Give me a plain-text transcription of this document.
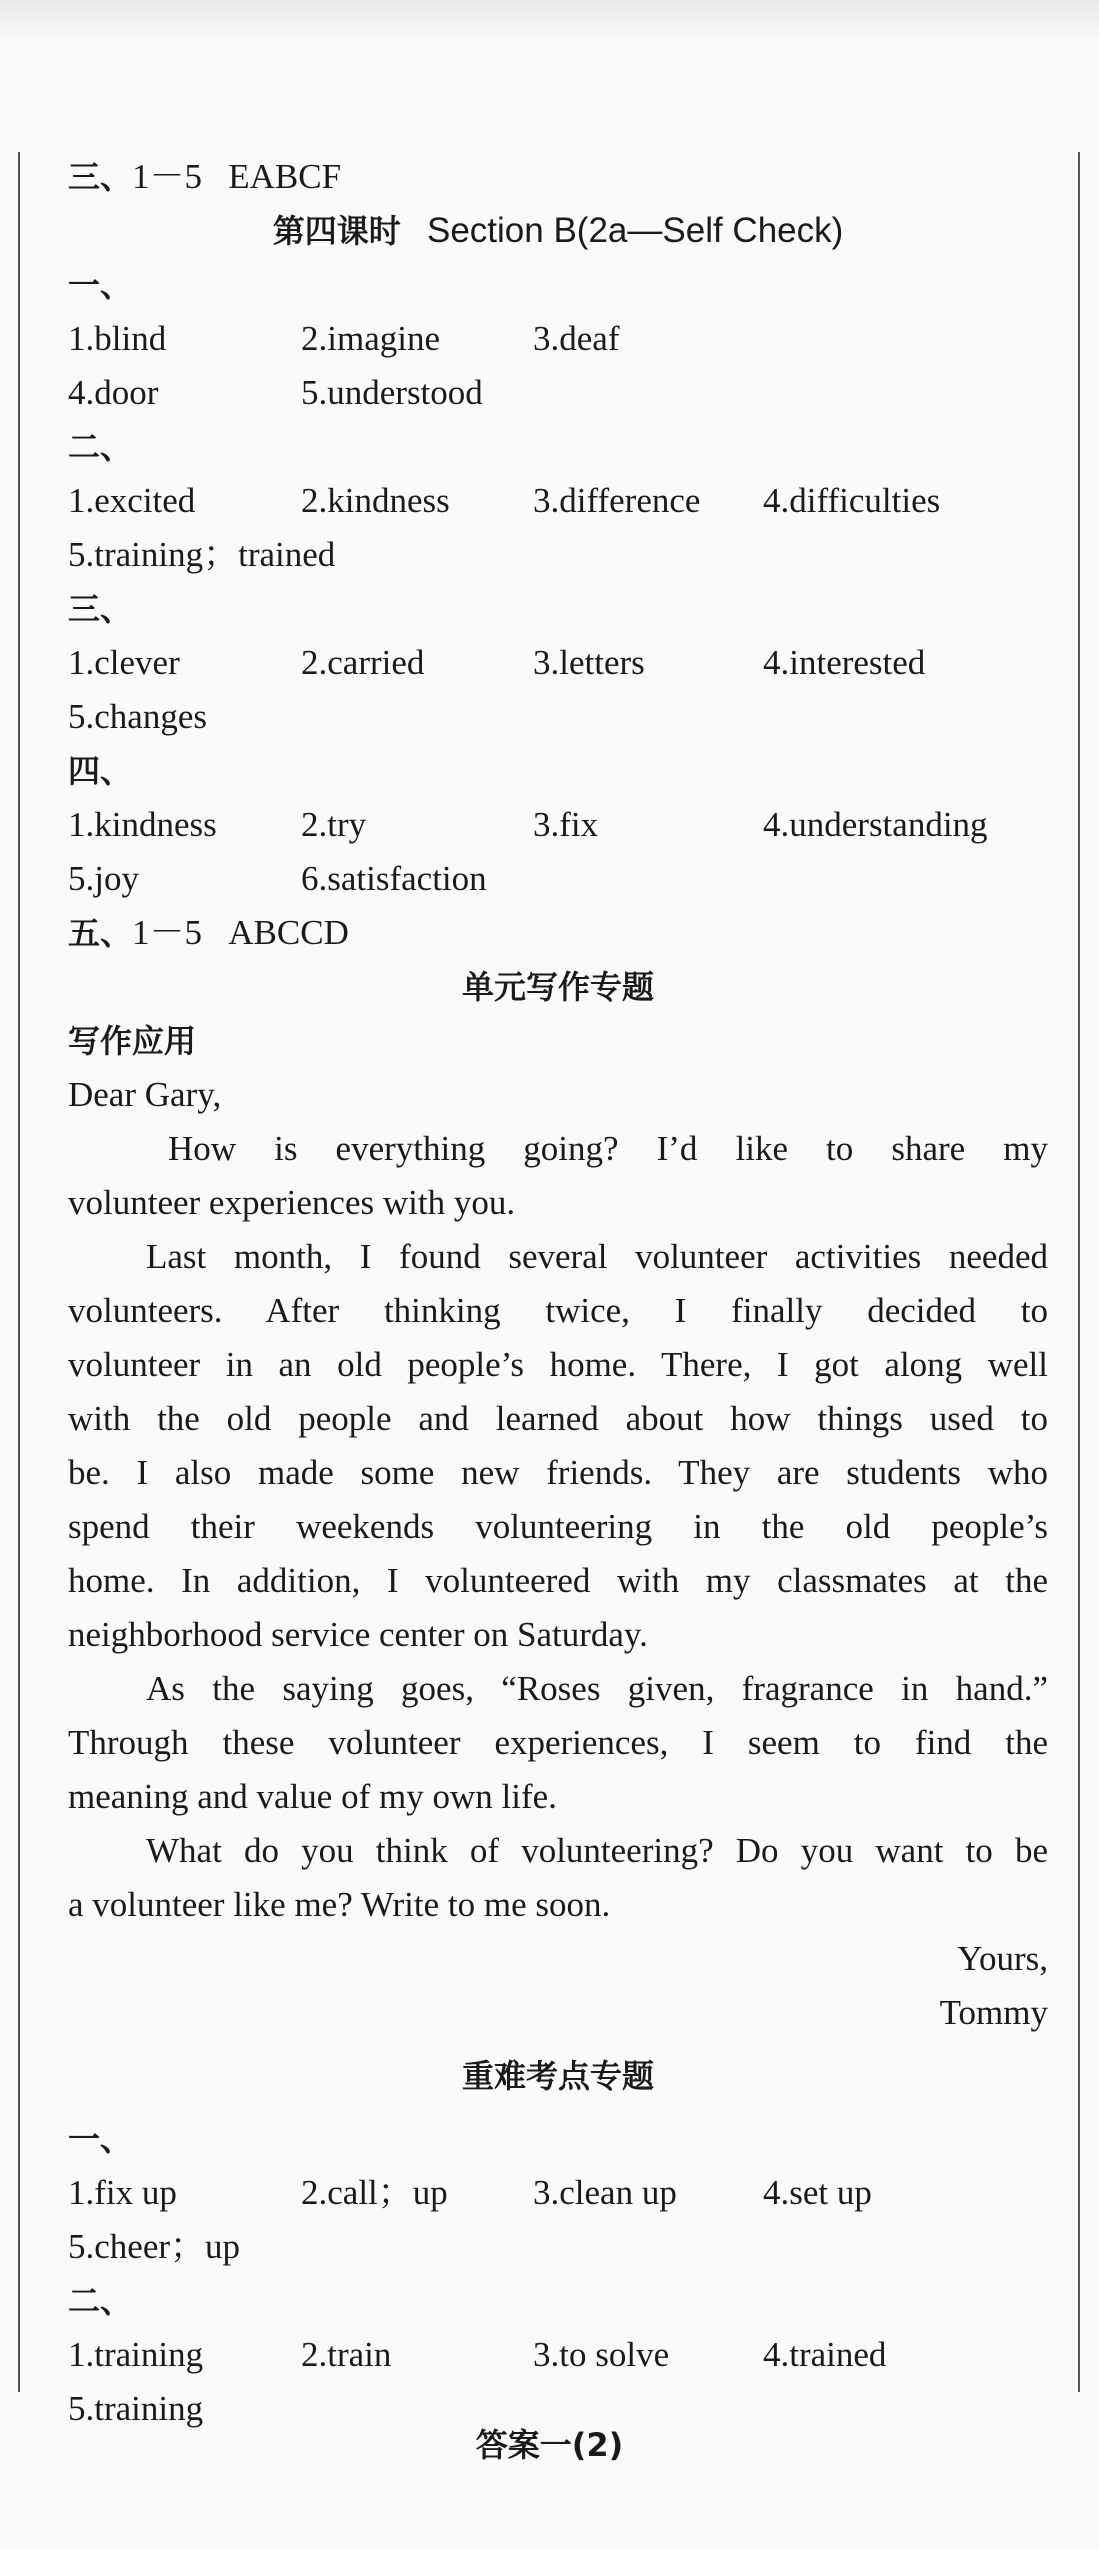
三、1－5 EABCF
第四课时 Section B(2a—Self Check)
一、
1.blind	2.imagine	3.deaf
4.door	5.understood
二、
1.excited	2.kindness	3.difference	4.difficulties
5.training；trained
三、
1.clever	2.carried	3.letters	4.interested
5.changes
四、
1.kindness	2.try	3.fix	4.understanding
5.joy	6.satisfaction
五、1－5 ABCCD
单元写作专题
写作应用
Dear Gary,
How is everything going? I’d like to share my
volunteer experiences with you.
Last month, I found several volunteer activities needed
volunteers. After thinking twice, I finally decided to
volunteer in an old people’s home. There, I got along well
with the old people and learned about how things used to
be. I also made some new friends. They are students who
spend their weekends volunteering in the old people’s
home. In addition, I volunteered with my classmates at the
neighborhood service center on Saturday.
As the saying goes, “Roses given, fragrance in hand.”
Through these volunteer experiences, I seem to find the
meaning and value of my own life.
What do you think of volunteering? Do you want to be
a volunteer like me? Write to me soon.
Yours,
Tommy
重难考点专题
一、
1.fix up	2.call；up	3.clean up	4.set up
5.cheer；up
二、
1.training	2.train	3.to solve	4.trained
5.training
答案一(2)
